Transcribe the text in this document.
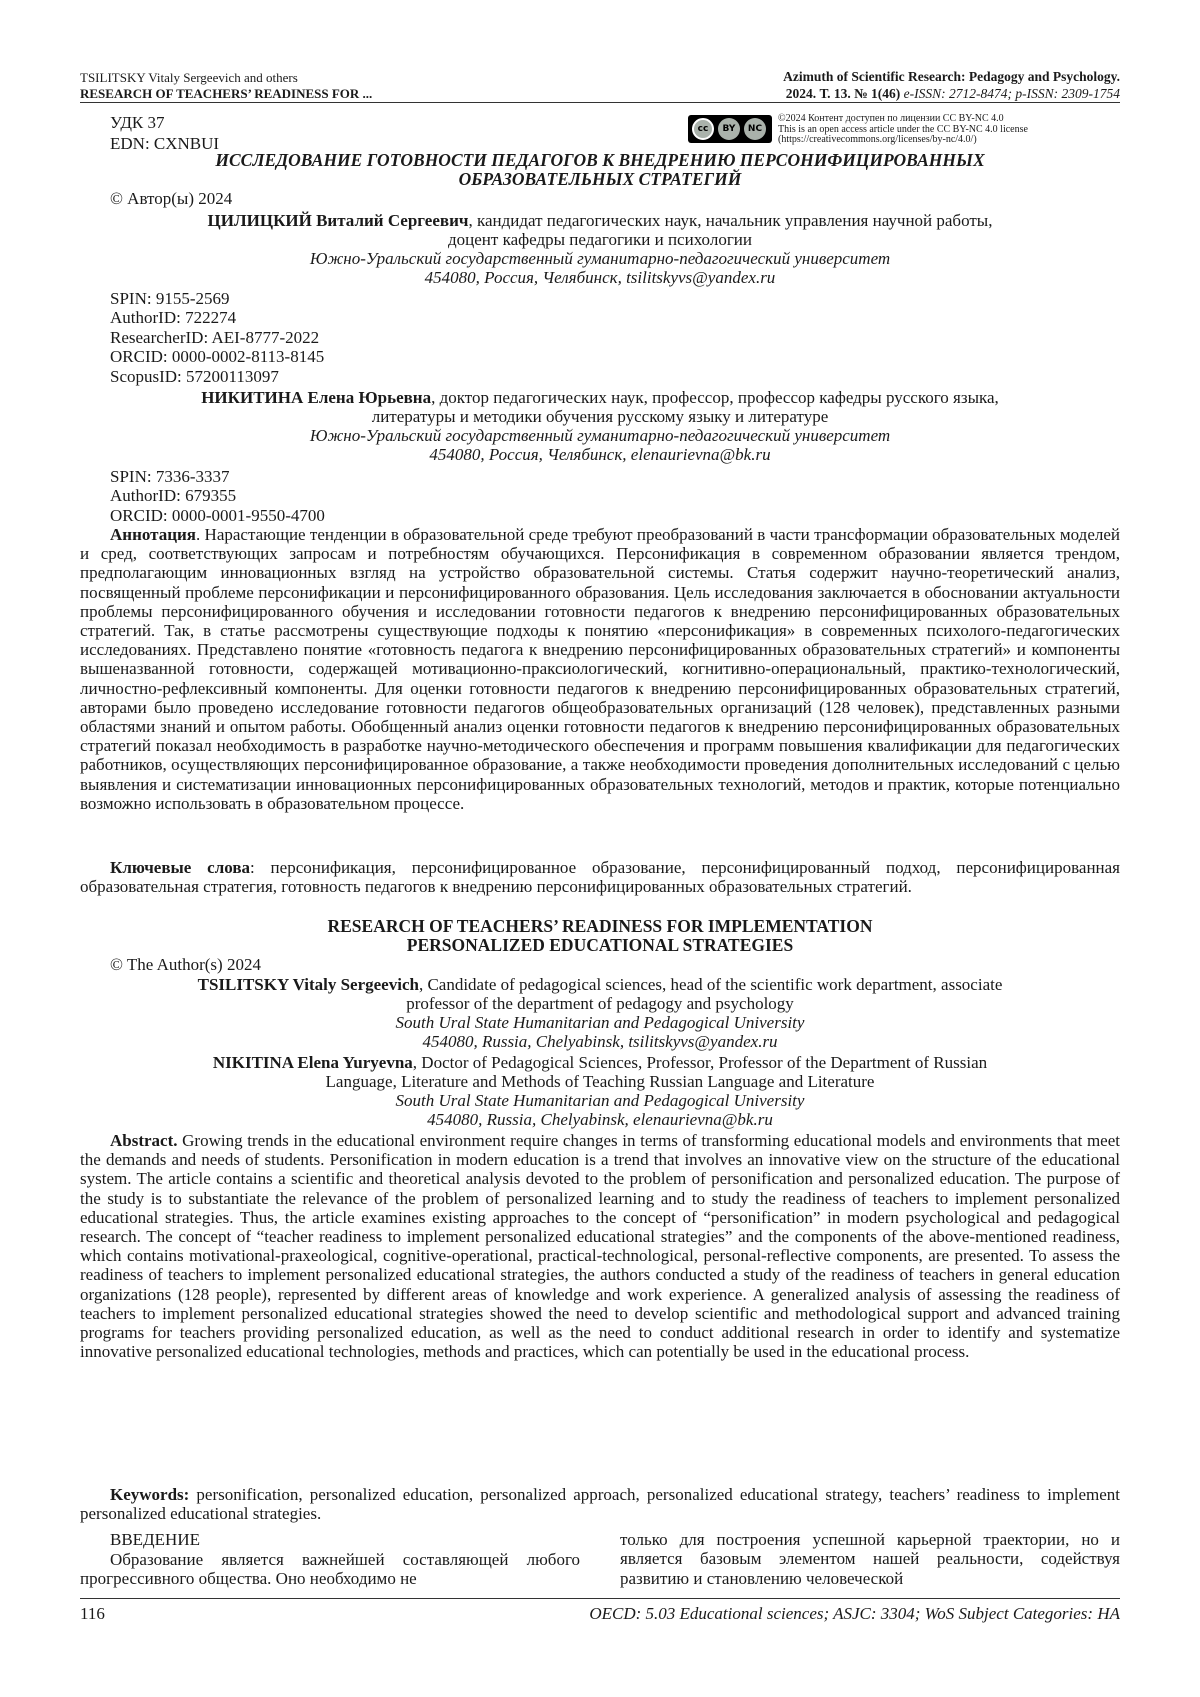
TSILITSKY Vitaly Sergeevich and others
RESEARCH OF TEACHERS’ READINESS FOR ...
Azimuth of Scientific Research: Pedagogy and Psychology.
2024. Т. 13. № 1(46) e-ISSN: 2712-8474; p-ISSN: 2309-1754
УДК 37
EDN: CXNBUI
cc	BY	NC
©2024 Контент доступен по лицензии CC BY-NC 4.0
This is an open access article under the CC BY-NC 4.0 license
(https://creativecommons.org/licenses/by-nc/4.0/)
ИССЛЕДОВАНИЕ ГОТОВНОСТИ ПЕДАГОГОВ К ВНЕДРЕНИЮ ПЕРСОНИФИЦИРОВАННЫХ
ОБРАЗОВАТЕЛЬНЫХ СТРАТЕГИЙ
© Автор(ы) 2024
ЦИЛИЦКИЙ Виталий Сергеевич, кандидат педагогических наук, начальник управления научной работы,
доцент кафедры педагогики и психологии
Южно-Уральский государственный гуманитарно-педагогический университет
454080, Россия, Челябинск, tsilitskyvs@yandex.ru
SPIN: 9155-2569
AuthorID: 722274
ResearcherID: AEI-8777-2022
ORCID: 0000-0002-8113-8145
ScopusID: 57200113097
НИКИТИНА Елена Юрьевна, доктор педагогических наук, профессор, профессор кафедры русского языка,
литературы и методики обучения русскому языку и литературе
Южно-Уральский государственный гуманитарно-педагогический университет
454080, Россия, Челябинск, elenaurievna@bk.ru
SPIN: 7336-3337
AuthorID: 679355
ORCID: 0000-0001-9550-4700
Аннотация. Нарастающие тенденции в образовательной среде требуют преобразований в части трансформации образовательных моделей и сред, соответствующих запросам и потребностям обучающихся. Персонификация в современном образовании является трендом, предполагающим инновационных взгляд на устройство образовательной системы. Статья содержит научно-теоретический анализ, посвященный проблеме персонификации и персонифицированного образования. Цель исследования заключается в обосновании актуальности проблемы персонифицированного обучения и исследовании готовности педагогов к внедрению персонифицированных образовательных стратегий. Так, в статье рассмотрены существующие подходы к понятию «персонификация» в современных психолого-педагогических исследованиях. Представлено понятие «готовность педагога к внедрению персонифицированных образовательных стратегий» и компоненты вышеназванной готовности, содержащей мотивационно-праксиологический, когнитивно-операциональный, практико-технологический, личностно-рефлексивный компоненты. Для оценки готовности педагогов к внедрению персонифицированных образовательных стратегий, авторами было проведено исследование готовности педагогов общеобразовательных организаций (128 человек), представленных разными областями знаний и опытом работы. Обобщенный анализ оценки готовности педагогов к внедрению персонифицированных образовательных стратегий показал необходимость в разработке научно-методического обеспечения и программ повышения квалификации для педагогических работников, осуществляющих персонифицированное образование, а также необходимости проведения дополнительных исследований с целью выявления и систематизации инновационных персонифицированных образовательных технологий, методов и практик, которые потенциально возможно использовать в образовательном процессе.
Ключевые слова: персонификация, персонифицированное образование, персонифицированный подход, персонифицированная образовательная стратегия, готовность педагогов к внедрению персонифицированных образовательных стратегий.
RESEARCH OF TEACHERS’ READINESS FOR IMPLEMENTATION
PERSONALIZED EDUCATIONAL STRATEGIES
© The Author(s) 2024
TSILITSKY Vitaly Sergeevich, Candidate of pedagogical sciences, head of the scientific work department, associate
professor of the department of pedagogy and psychology
South Ural State Humanitarian and Pedagogical University
454080, Russia, Chelyabinsk, tsilitskyvs@yandex.ru
NIKITINA Elena Yuryevna, Doctor of Pedagogical Sciences, Professor, Professor of the Department of Russian
Language, Literature and Methods of Teaching Russian Language and Literature
South Ural State Humanitarian and Pedagogical University
454080, Russia, Chelyabinsk, elenaurievna@bk.ru
Abstract. Growing trends in the educational environment require changes in terms of transforming educational models and environments that meet the demands and needs of students. Personification in modern education is a trend that involves an innovative view on the structure of the educational system. The article contains a scientific and theoretical analysis devoted to the problem of personification and personalized education. The purpose of the study is to substantiate the relevance of the problem of personalized learning and to study the readiness of teachers to implement personalized educational strategies. Thus, the article examines existing approaches to the concept of “personification” in modern psychological and pedagogical research. The concept of “teacher readiness to implement personalized educational strategies” and the components of the above-mentioned readiness, which contains motivational-praxeological, cognitive-operational, practical-technological, personal-reflective components, are presented. To assess the readiness of teachers to implement personalized educational strategies, the authors conducted a study of the readiness of teachers in general education organizations (128 people), represented by different areas of knowledge and work experience. A generalized analysis of assessing the readiness of teachers to implement personalized educational strategies showed the need to develop scientific and methodological support and advanced training programs for teachers providing personalized education, as well as the need to conduct additional research in order to identify and systematize innovative personalized educational technologies, methods and practices, which can potentially be used in the educational process.
Keywords: personification, personalized education, personalized approach, personalized educational strategy, teachers’ readiness to implement personalized educational strategies.
ВВЕДЕНИЕ
Образование является важнейшей составляющей любого прогрессивного общества. Оно необходимо не
только для построения успешной карьерной траектории, но и является базовым элементом нашей реальности, содействуя развитию и становлению человеческой
116	OECD: 5.03 Educational sciences; ASJC: 3304; WoS Subject Categories: HA
